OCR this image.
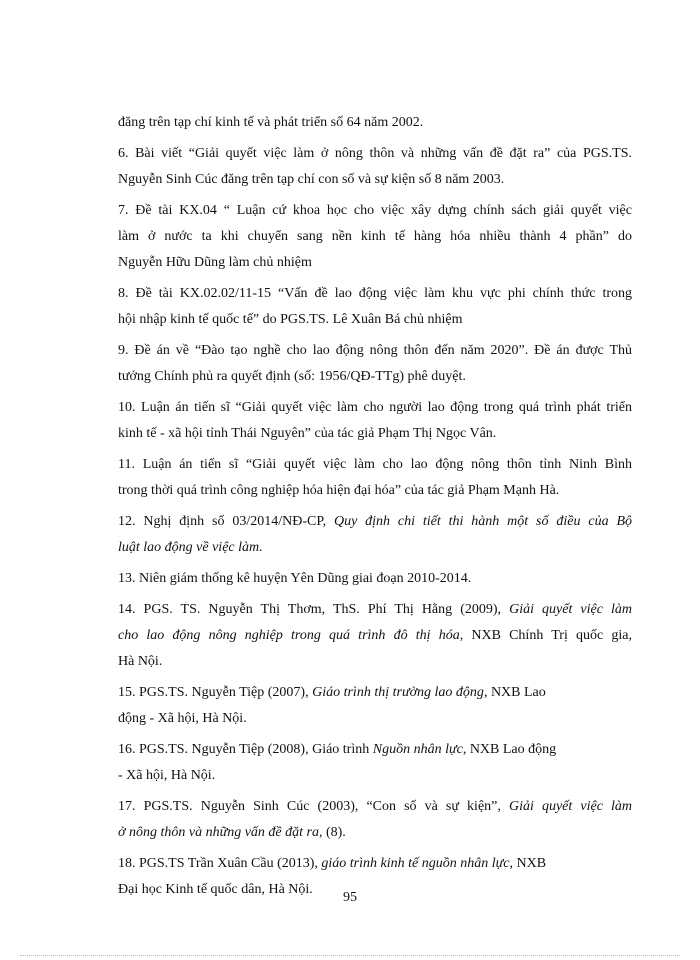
đăng trên tạp chí kinh tế và phát triển số 64 năm 2002.
6. Bài viết “Giải quyết việc làm ở nông thôn và những vấn đề đặt ra” của PGS.TS.
Nguyễn Sinh Cúc đăng trên tạp chí con số và sự kiện số 8 năm 2003.
7. Đề tài KX.04 “ Luận cứ khoa học cho việc xây dựng chính sách giải quyết việc
làm ở nước ta khi chuyển sang nền kinh tế hàng hóa nhiều thành 4 phần” do
Nguyễn Hữu Dũng làm chủ nhiệm
8. Đề tài KX.02.02/11-15 “Vấn đề lao động việc làm khu vực phi chính thức trong
hội nhập kinh tế quốc tế” do PGS.TS. Lê Xuân Bá chủ nhiệm
9. Đề án về “Đào tạo nghề cho lao động nông thôn đến năm 2020”. Đề án được Thủ
tướng Chính phủ ra quyết định (số: 1956/QĐ-TTg) phê duyệt.
10. Luận án tiến sĩ “Giải quyết việc làm cho người lao động trong quá trình phát triển
kinh tế - xã hội tỉnh Thái Nguyên” của tác giả Phạm Thị Ngọc Vân.
11. Luận án tiến sĩ “Giải quyết việc làm cho lao động nông thôn tỉnh Ninh Bình
trong thời quá trình công nghiệp hóa hiện đại hóa” của tác giả Phạm Mạnh Hà.
12. Nghị định số 03/2014/NĐ-CP, Quy định chi tiết thi hành một số điều của Bộ
luật lao động về việc làm.
13. Niên giám thống kê huyện Yên Dũng giai đoạn 2010-2014.
14. PGS. TS. Nguyễn Thị Thơm, ThS. Phí Thị Hằng (2009), Giải quyết việc làm
cho lao động nông nghiệp trong quá trình đô thị hóa, NXB Chính Trị quốc gia,
Hà Nội.
15. PGS.TS. Nguyễn Tiệp (2007), Giáo trình thị trường lao động, NXB Lao
động - Xã hội, Hà Nội.
16. PGS.TS. Nguyễn Tiệp (2008), Giáo trình Nguồn nhân lực, NXB Lao động
- Xã hội, Hà Nội.
17. PGS.TS. Nguyễn Sinh Cúc (2003), “Con số và sự kiện”, Giải quyết việc làm
ở nông thôn và những vấn đề đặt ra, (8).
18. PGS.TS Trần Xuân Cầu (2013), giáo trình kinh tế nguồn nhân lực, NXB
Đại học Kinh tế quốc dân, Hà Nội.
95
